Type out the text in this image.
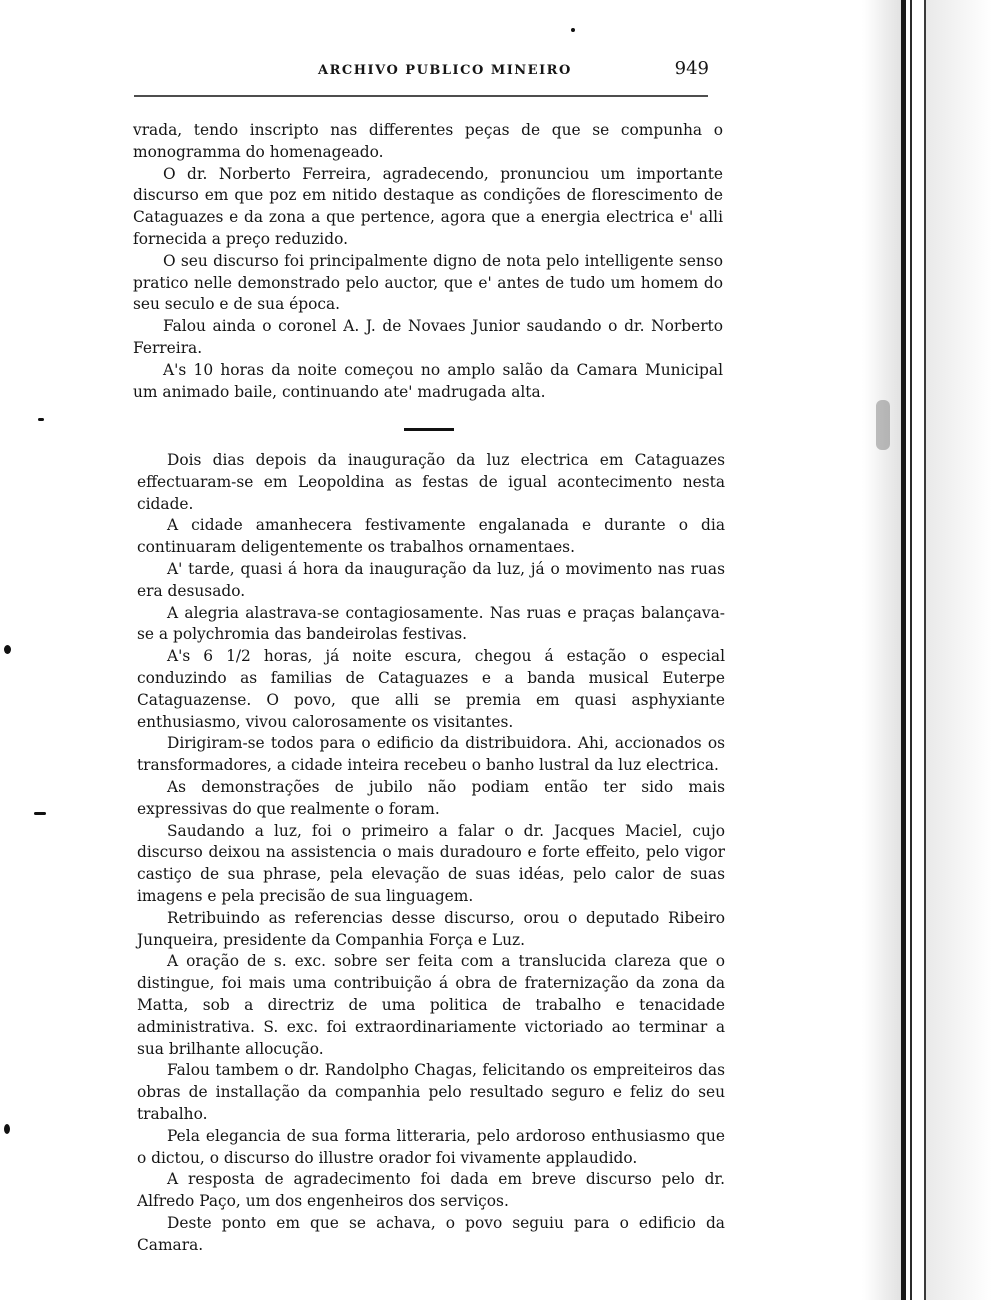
ARCHIVO PUBLICO MINEIRO	949

vrada, tendo inscripto nas differentes peças de que se compunha o monogramma do homenageado.

O dr. Norberto Ferreira, agradecendo, pronunciou um importante discurso em que poz em nitido destaque as condições de florescimento de Cataguazes e da zona a que pertence, agora que a energia electrica e' alli fornecida a preço reduzido.

O seu discurso foi principalmente digno de nota pelo intelligente senso pratico nelle demonstrado pelo auctor, que e' antes de tudo um homem do seu seculo e de sua época.

Falou ainda o coronel A. J. de Novaes Junior saudando o dr. Norberto Ferreira.

A's 10 horas da noite começou no amplo salão da Camara Municipal um animado baile, continuando ate' madrugada alta.

Dois dias depois da inauguração da luz electrica em Cataguazes effectuaram-se em Leopoldina as festas de igual acontecimento nesta cidade.

A cidade amanhecera festivamente engalanada e durante o dia continuaram deligentemente os trabalhos ornamentaes.

A' tarde, quasi á hora da inauguração da luz, já o movimento nas ruas era desusado.

A alegria alastrava-se contagiosamente. Nas ruas e praças balançava-se a polychromia das bandeirolas festivas.

A's 6 1/2 horas, já noite escura, chegou á estação o especial conduzindo as familias de Cataguazes e a banda musical Euterpe Cataguazense. O povo, que alli se premia em quasi asphyxiante enthusiasmo, vivou calorosamente os visitantes.

Dirigiram-se todos para o edificio da distribuidora. Ahi, accionados os transformadores, a cidade inteira recebeu o banho lustral da luz electrica.

As demonstrações de jubilo não podiam então ter sido mais expressivas do que realmente o foram.

Saudando a luz, foi o primeiro a falar o dr. Jacques Maciel, cujo discurso deixou na assistencia o mais duradouro e forte effeito, pelo vigor castiço de sua phrase, pela elevação de suas idéas, pelo calor de suas imagens e pela precisão de sua linguagem.

Retribuindo as referencias desse discurso, orou o deputado Ribeiro Junqueira, presidente da Companhia Força e Luz.

A oração de s. exc. sobre ser feita com a translucida clareza que o distingue, foi mais uma contribuição á obra de fraternização da zona da Matta, sob a directriz de uma politica de trabalho e tenacidade administrativa. S. exc. foi extraordinariamente victoriado ao terminar a sua brilhante allocução.

Falou tambem o dr. Randolpho Chagas, felicitando os empreiteiros das obras de installação da companhia pelo resultado seguro e feliz do seu trabalho.

Pela elegancia de sua forma litteraria, pelo ardoroso enthusiasmo que o dictou, o discurso do illustre orador foi vivamente applaudido.

A resposta de agradecimento foi dada em breve discurso pelo dr. Alfredo Paço, um dos engenheiros dos serviços.

Deste ponto em que se achava, o povo seguiu para o edificio da Camara.
